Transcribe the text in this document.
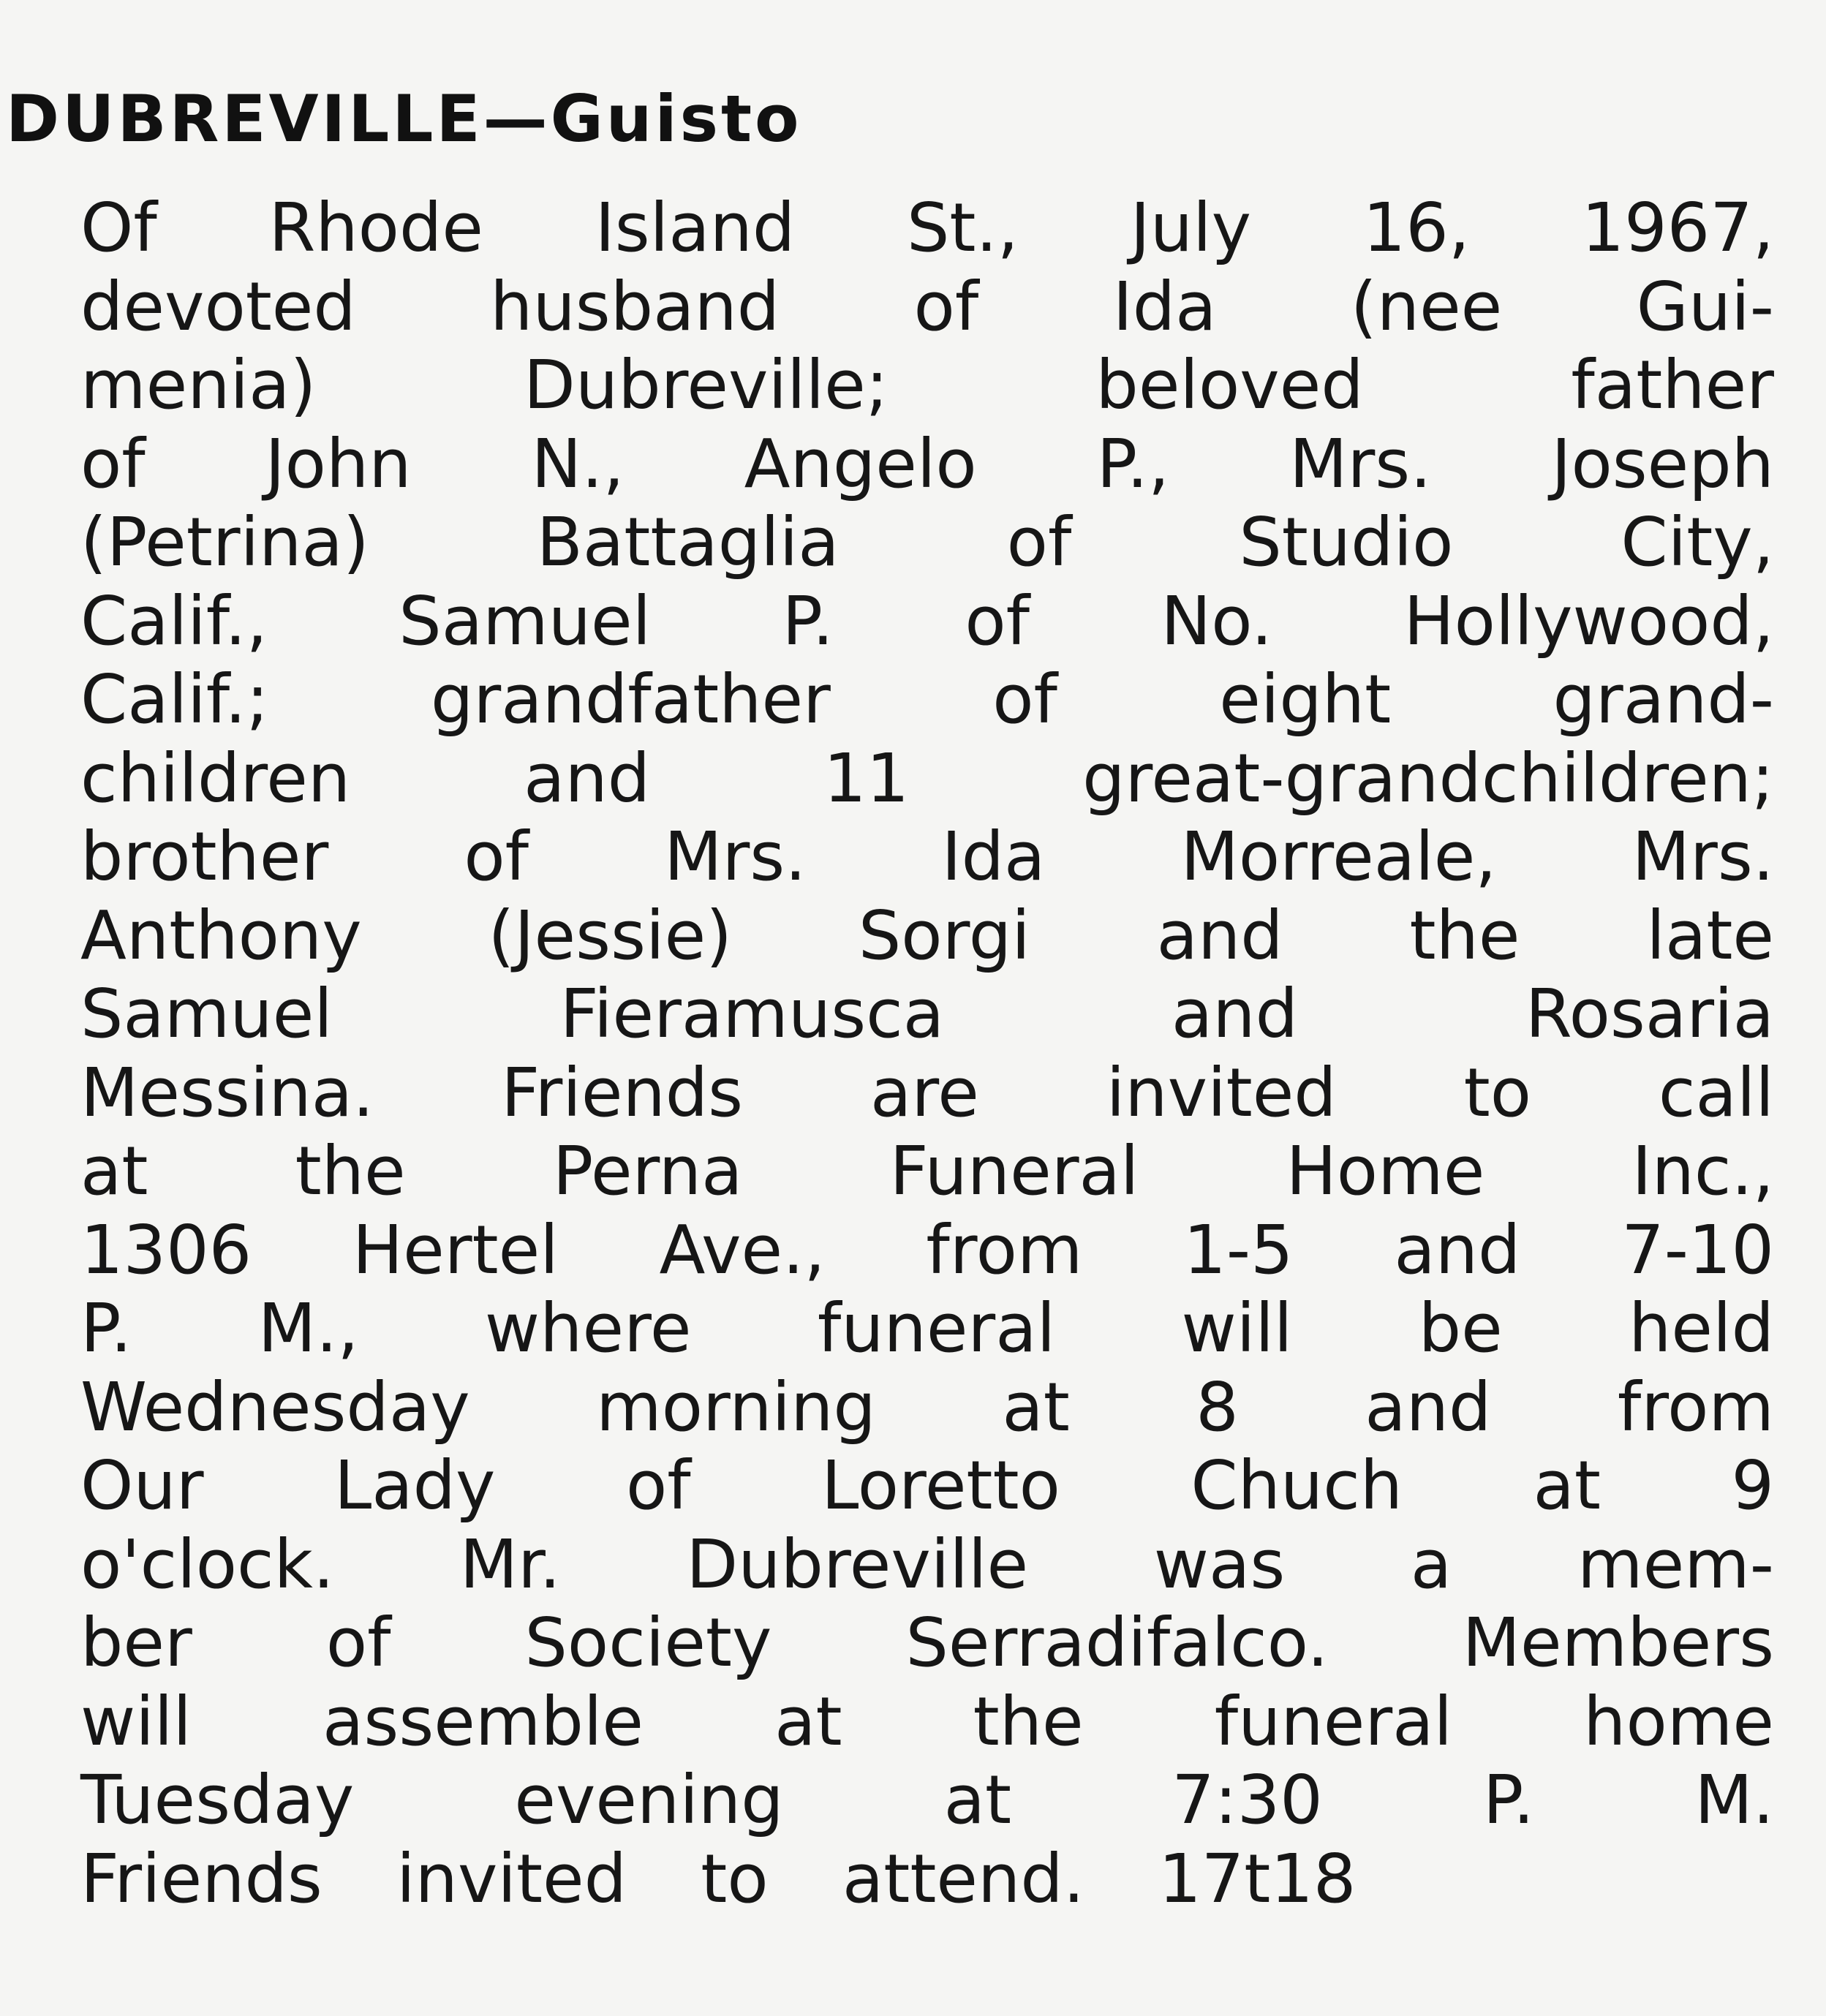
DUBREVILLE—Guisto
Of Rhode Island St., July 16, 1967,
devoted husband of Ida (nee Gui-
menia) Dubreville; beloved father
of John N., Angelo P., Mrs. Joseph
(Petrina) Battaglia of Studio City,
Calif., Samuel P. of No. Hollywood,
Calif.; grandfather of eight grand-
children and 11 great-grandchildren;
brother of Mrs. Ida Morreale, Mrs.
Anthony (Jessie) Sorgi and the late
Samuel Fieramusca and Rosaria
Messina. Friends are invited to call
at the Perna Funeral Home Inc.,
1306 Hertel Ave., from 1-5 and 7-10
P. M., where funeral will be held
Wednesday morning at 8 and from
Our Lady of Loretto Chuch at 9
o'clock. Mr. Dubreville was a mem-
ber of Society Serradifalco. Members
will assemble at the funeral home
Tuesday evening at 7:30 P. M.
Friends invited to attend. 17t18
